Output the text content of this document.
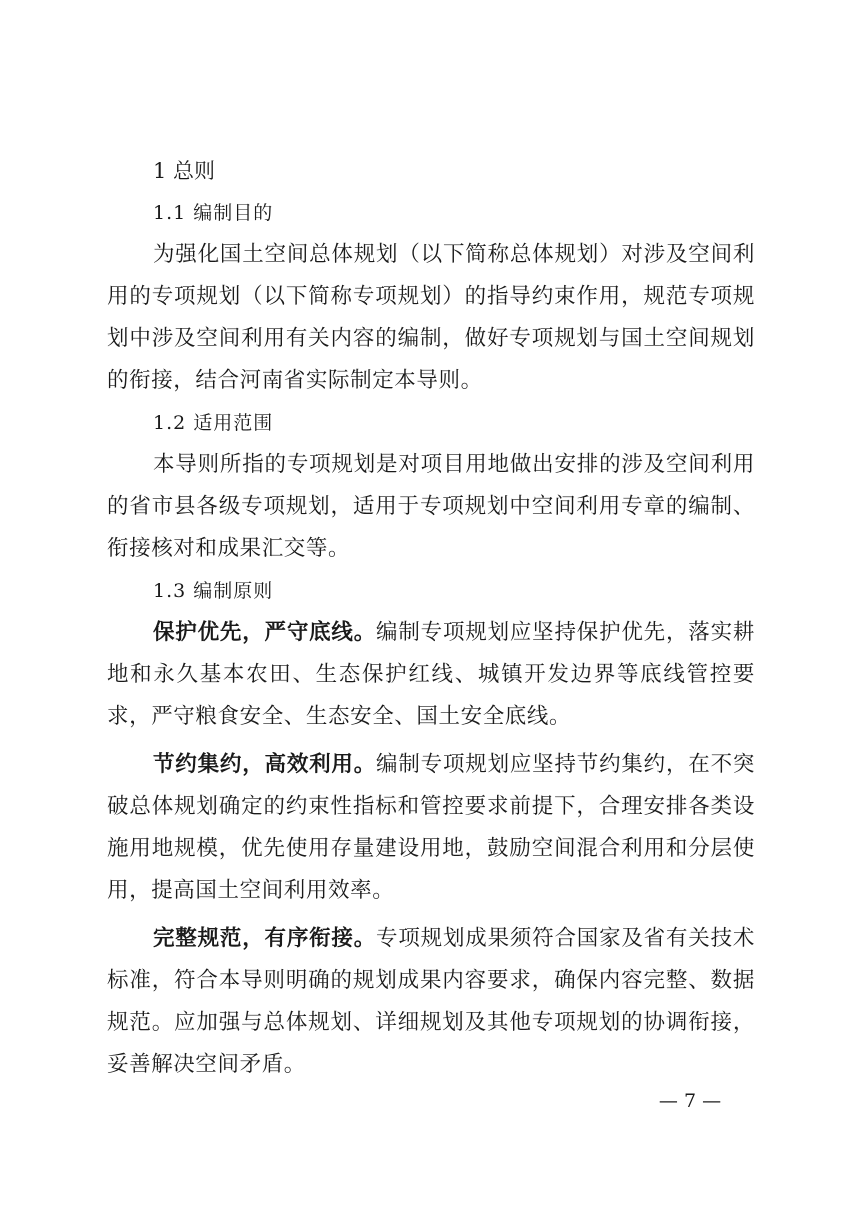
1 总则

1.1 编制目的

为强化国土空间总体规划（以下简称总体规划）对涉及空间利用的专项规划（以下简称专项规划）的指导约束作用，规范专项规划中涉及空间利用有关内容的编制，做好专项规划与国土空间规划的衔接，结合河南省实际制定本导则。

1.2 适用范围

本导则所指的专项规划是对项目用地做出安排的涉及空间利用的省市县各级专项规划，适用于专项规划中空间利用专章的编制、衔接核对和成果汇交等。

1.3 编制原则

保护优先，严守底线。编制专项规划应坚持保护优先，落实耕地和永久基本农田、生态保护红线、城镇开发边界等底线管控要求，严守粮食安全、生态安全、国土安全底线。

节约集约，高效利用。编制专项规划应坚持节约集约，在不突破总体规划确定的约束性指标和管控要求前提下，合理安排各类设施用地规模，优先使用存量建设用地，鼓励空间混合利用和分层使用，提高国土空间利用效率。

完整规范，有序衔接。专项规划成果须符合国家及省有关技术标准，符合本导则明确的规划成果内容要求，确保内容完整、数据规范。应加强与总体规划、详细规划及其他专项规划的协调衔接，妥善解决空间矛盾。

— 7 —
